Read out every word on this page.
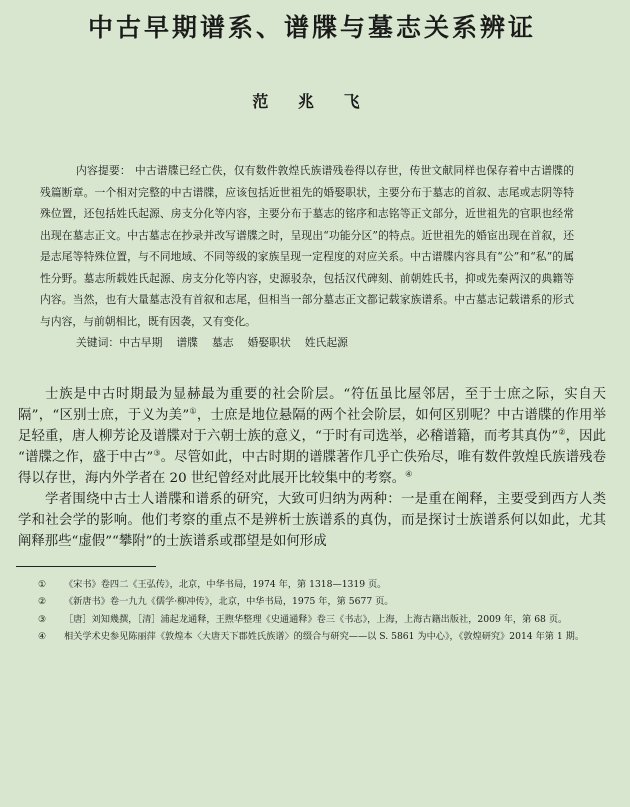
中古早期谱系、谱牒与墓志关系辨证
范 兆 飞

内容提要： 中古谱牒已经亡佚，仅有数件敦煌氏族谱残卷得以存世，传世文献同样也保存着中古谱牒的残篇断章。一个相对完整的中古谱牒，应该包括近世祖先的婚娶职状，主要分布于墓志的首叙、志尾或志阴等特殊位置，还包括姓氏起源、房支分化等内容，主要分布于墓志的铭序和志铭等正文部分，近世祖先的官职也经常出现在墓志正文。中古墓志在抄录并改写谱牒之时，呈现出“功能分区”的特点。近世祖先的婚宦出现在首叙，还是志尾等特殊位置，与不同地域、不同等级的家族呈现一定程度的对应关系。中古谱牒内容具有“公”和“私”的属性分野。墓志所载姓氏起源、房支分化等内容，史源驳杂，包括汉代碑刻、前朝姓氏书，抑或先秦两汉的典籍等内容。当然，也有大量墓志没有首叙和志尾，但相当一部分墓志正文都记载家族谱系。中古墓志记载谱系的形式与内容，与前朝相比，既有因袭，又有变化。

关键词：中古早期 谱牒 墓志 婚娶职状 姓氏起源

士族是中古时期最为显赫最为重要的社会阶层。“符伍虽比屋邻居，至于士庶之际，实自天隔”，“区别士庶，于义为美”①，士庶是地位悬隔的两个社会阶层，如何区别呢？中古谱牒的作用举足轻重，唐人柳芳论及谱牒对于六朝士族的意义，“于时有司选举，必稽谱籍，而考其真伪”②，因此 “谱牒之作，盛于中古”③。尽管如此，中古时期的谱牒著作几乎亡佚殆尽，唯有数件敦煌氏族谱残卷得以存世，海内外学者在 20 世纪曾经对此展开比较集中的考察。④

学者围绕中古士人谱牒和谱系的研究，大致可归纳为两种：一是重在阐释，主要受到西方人类学和社会学的影响。他们考察的重点不是辨析士族谱系的真伪，而是探讨士族谱系何以如此，尤其阐释那些“虚假”“攀附”的士族谱系或郡望是如何形成

① 《宋书》卷四二《王弘传》，北京，中华书局，1974 年，第 1318—1319 页。
② 《新唐书》卷一九九《儒学·柳冲传》，北京，中华书局，1975 年，第 5677 页。
③ ［唐］刘知幾撰，［清］浦起龙通释，王煦华整理《史通通释》卷三《书志》，上海，上海古籍出版社，2009 年，第 68 页。
④ 相关学术史参见陈丽萍《敦煌本〈大唐天下郡姓氏族谱〉的缀合与研究——以 S. 5861 为中心》，《敦煌研究》2014 年第 1 期。
